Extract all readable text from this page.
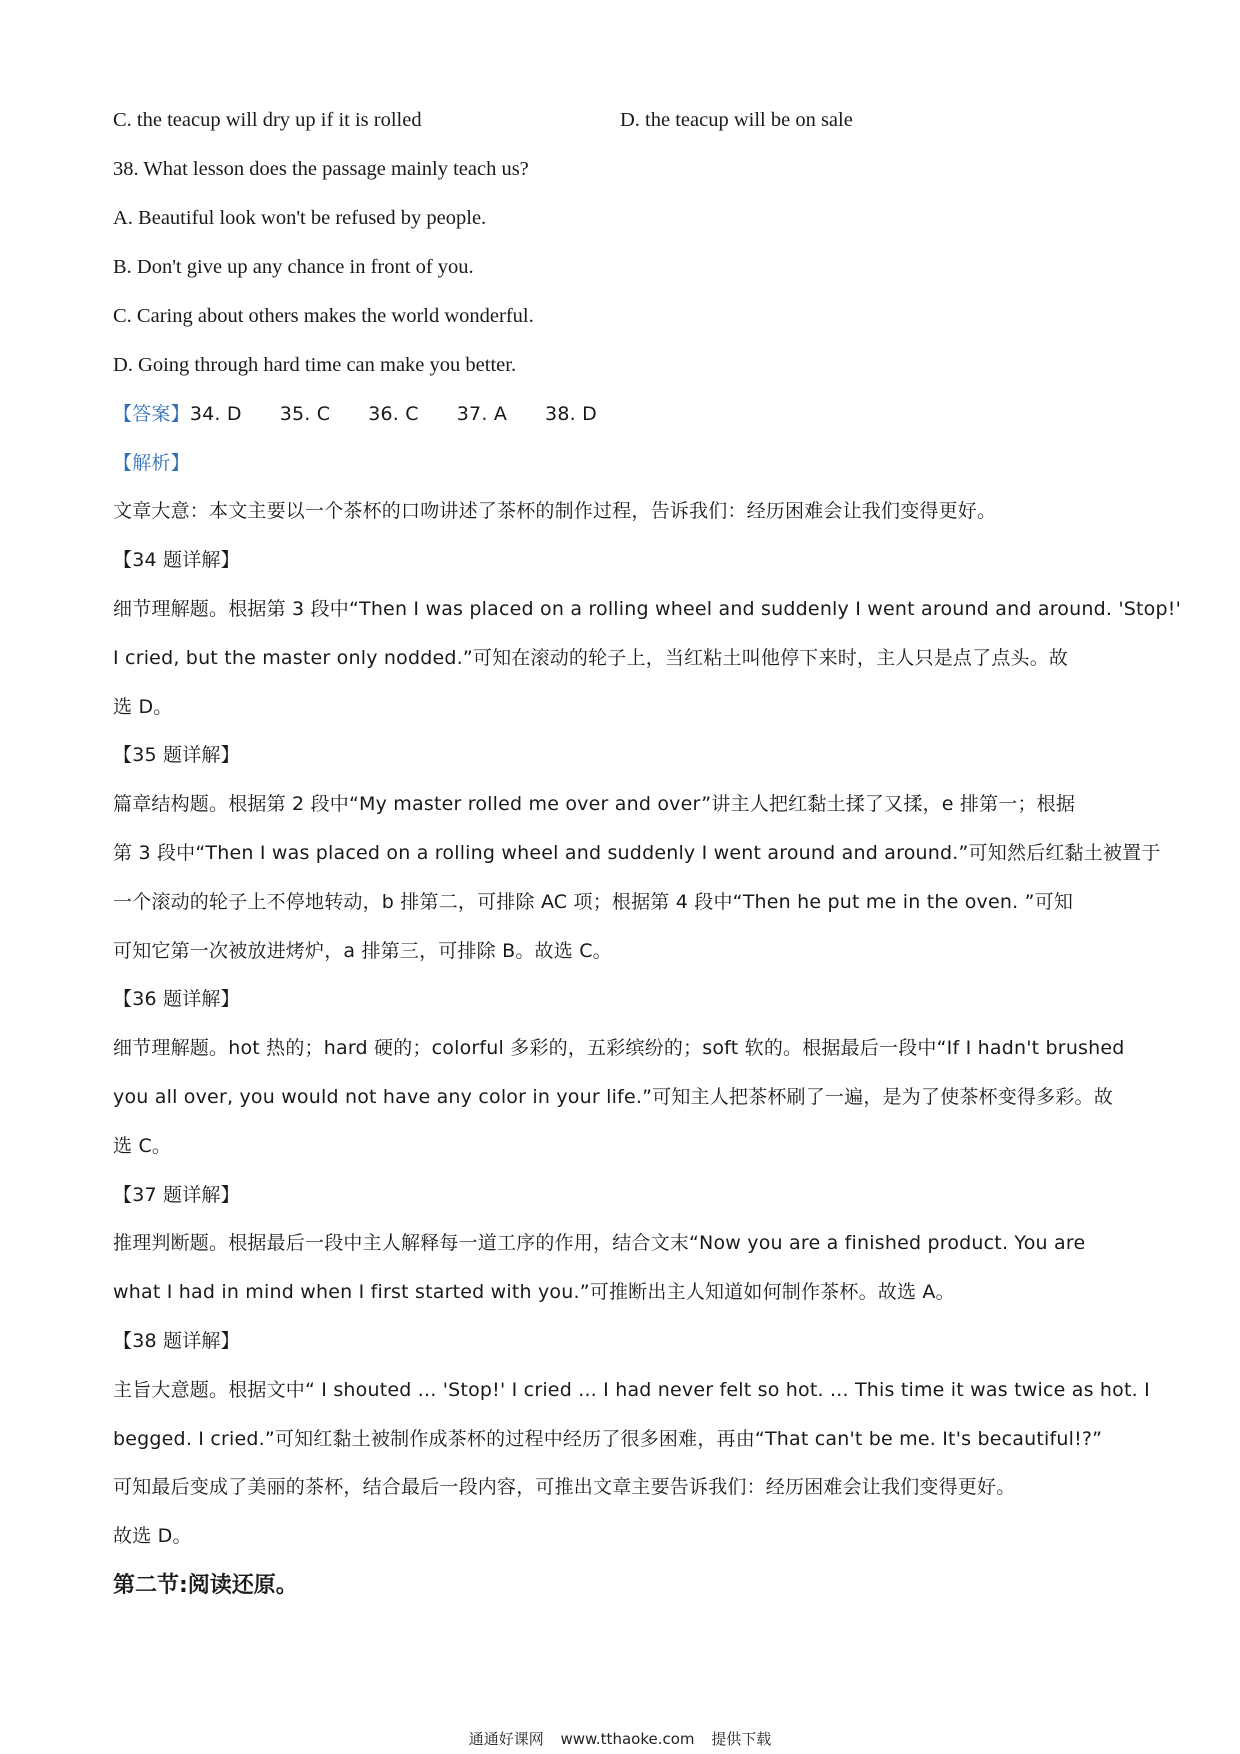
C. the teacup will dry up if it is rolled	D. the teacup will be on sale
38. What lesson does the passage mainly teach us?
A. Beautiful look won't be refused by people.
B. Don't give up any chance in front of you.
C. Caring about others makes the world wonderful.
D. Going through hard time can make you better.
【答案】34. D 35. C 36. C 37. A 38. D
【解析】
文章大意：本文主要以一个茶杯的口吻讲述了茶杯的制作过程，告诉我们：经历困难会让我们变得更好。
【34 题详解】
细节理解题。根据第 3 段中“Then I was placed on a rolling wheel and suddenly I went around and around. 'Stop!'
I cried, but the master only nodded.”可知在滚动的轮子上，当红粘土叫他停下来时，主人只是点了点头。故
选 D。
【35 题详解】
篇章结构题。根据第 2 段中“My master rolled me over and over”讲主人把红黏土揉了又揉，e 排第一；根据
第 3 段中“Then I was placed on a rolling wheel and suddenly I went around and around.”可知然后红黏土被置于
一个滚动的轮子上不停地转动，b 排第二，可排除 AC 项；根据第 4 段中“Then he put me in the oven. ”可知
可知它第一次被放进烤炉，a 排第三，可排除 B。故选 C。
【36 题详解】
细节理解题。hot 热的；hard 硬的；colorful 多彩的，五彩缤纷的；soft 软的。根据最后一段中“If I hadn't brushed
you all over, you would not have any color in your life.”可知主人把茶杯刷了一遍，是为了使茶杯变得多彩。故
选 C。
【37 题详解】
推理判断题。根据最后一段中主人解释每一道工序的作用，结合文末“Now you are a finished product. You are
what I had in mind when I first started with you.”可推断出主人知道如何制作茶杯。故选 A。
【38 题详解】
主旨大意题。根据文中“ I shouted ... 'Stop!' I cried ... I had never felt so hot. ... This time it was twice as hot. I
begged. I cried.”可知红黏土被制作成茶杯的过程中经历了很多困难，再由“That can't be me. It's becautiful!?”
可知最后变成了美丽的茶杯，结合最后一段内容，可推出文章主要告诉我们：经历困难会让我们变得更好。
故选 D。
第二节:阅读还原。
通通好课网 www.tthaoke.com 提供下载
